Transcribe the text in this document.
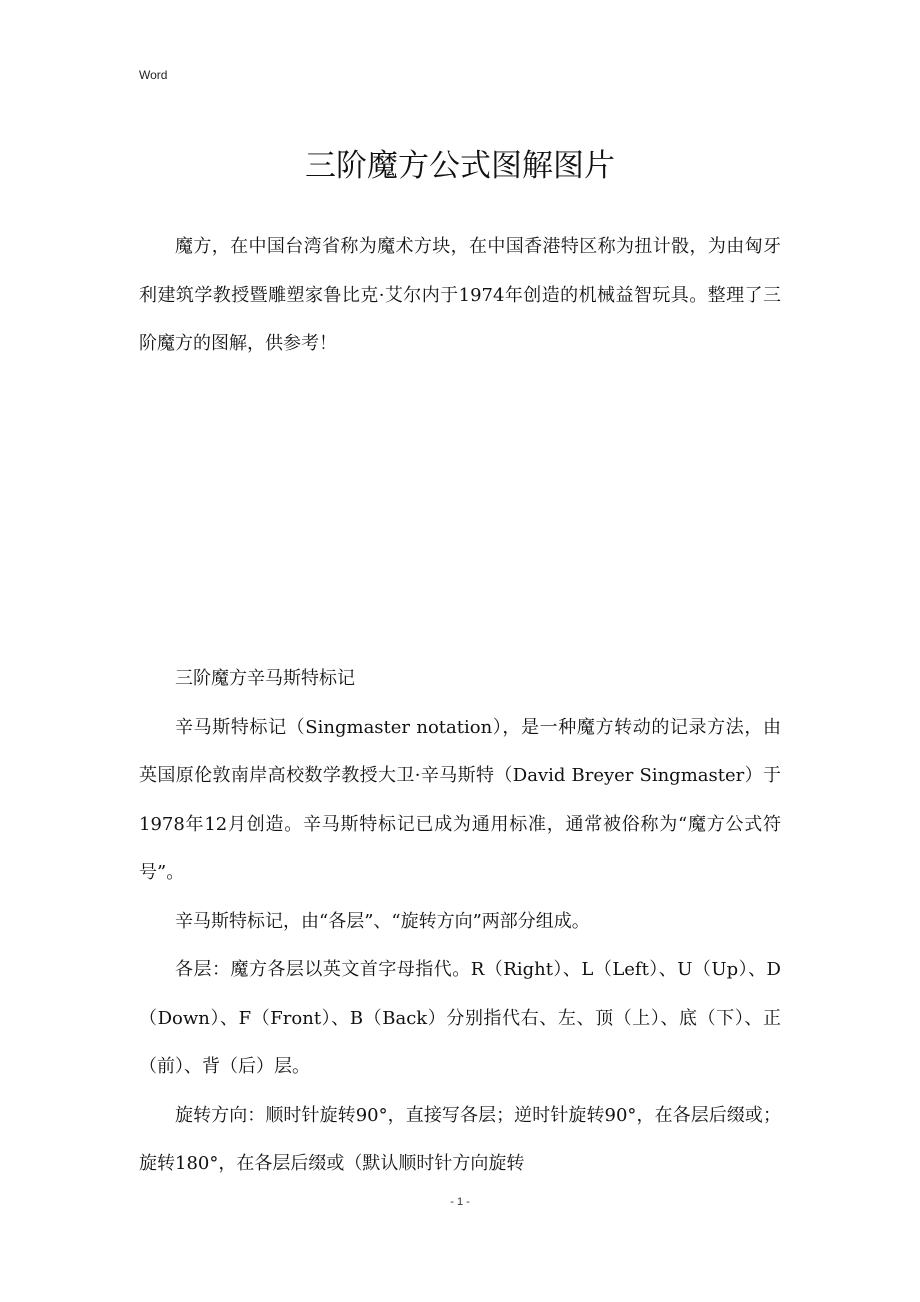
Word
三阶魔方公式图解图片

魔方，在中国台湾省称为魔术方块，在中国香港特区称为扭计骰，为由匈牙利建筑学教授暨雕塑家鲁比克·艾尔内于1974年创造的机械益智玩具。整理了三阶魔方的图解，供参考！

三阶魔方辛马斯特标记

辛马斯特标记（Singmaster notation），是一种魔方转动的记录方法，由英国原伦敦南岸高校数学教授大卫·辛马斯特（David Breyer Singmaster）于1978年12月创造。辛马斯特标记已成为通用标准，通常被俗称为“魔方公式符号”。

辛马斯特标记，由“各层”、“旋转方向”两部分组成。

各层：魔方各层以英文首字母指代。R（Right）、L（Left）、U（Up）、D（Down）、F（Front）、B（Back）分别指代右、左、顶（上）、底（下）、正（前）、背（后）层。

旋转方向：顺时针旋转90°，直接写各层；逆时针旋转90°，在各层后缀或；旋转180°，在各层后缀或（默认顺时针方向旋转

- 1 -
